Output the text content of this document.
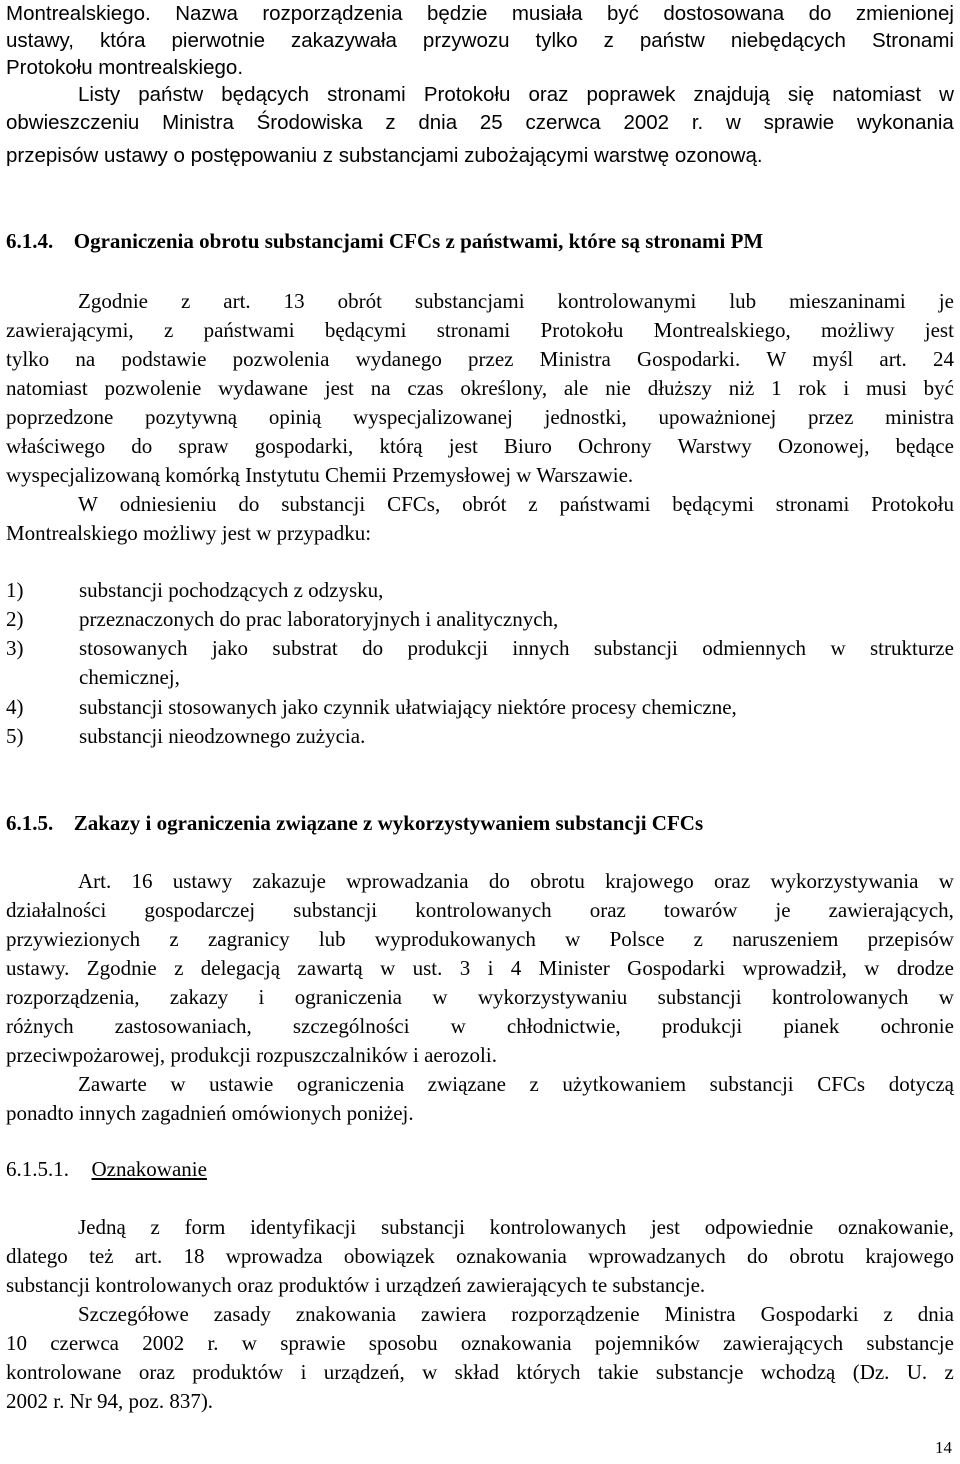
Montrealskiego. Nazwa rozporządzenia będzie musiała być dostosowana do zmienionej
ustawy, która pierwotnie zakazywała przywozu tylko z państw niebędących Stronami
Protokołu montrealskiego.
Listy państw będących stronami Protokołu oraz poprawek znajdują się natomiast w
obwieszczeniu Ministra Środowiska z dnia 25 czerwca 2002 r. w sprawie wykonania
przepisów ustawy o postępowaniu z substancjami zubożającymi warstwę ozonową.
6.1.4. Ograniczenia obrotu substancjami CFCs z państwami, które są stronami PM
Zgodnie z art. 13 obrót substancjami kontrolowanymi lub mieszaninami je
zawierającymi, z państwami będącymi stronami Protokołu Montrealskiego, możliwy jest
tylko na podstawie pozwolenia wydanego przez Ministra Gospodarki. W myśl art. 24
natomiast pozwolenie wydawane jest na czas określony, ale nie dłuższy niż 1 rok i musi być
poprzedzone pozytywną opinią wyspecjalizowanej jednostki, upoważnionej przez ministra
właściwego do spraw gospodarki, którą jest Biuro Ochrony Warstwy Ozonowej, będące
wyspecjalizowaną komórką Instytutu Chemii Przemysłowej w Warszawie.
W odniesieniu do substancji CFCs, obrót z państwami będącymi stronami Protokołu
Montrealskiego możliwy jest w przypadku:
1)	substancji pochodzących z odzysku,
2)	przeznaczonych do prac laboratoryjnych i analitycznych,
3)	stosowanych jako substrat do produkcji innych substancji odmiennych w strukturze
chemicznej,
4)	substancji stosowanych jako czynnik ułatwiający niektóre procesy chemiczne,
5)	substancji nieodzownego zużycia.
6.1.5. Zakazy i ograniczenia związane z wykorzystywaniem substancji CFCs
Art. 16 ustawy zakazuje wprowadzania do obrotu krajowego oraz wykorzystywania w
działalności gospodarczej substancji kontrolowanych oraz towarów je zawierających,
przywiezionych z zagranicy lub wyprodukowanych w Polsce z naruszeniem przepisów
ustawy. Zgodnie z delegacją zawartą w ust. 3 i 4 Minister Gospodarki wprowadził, w drodze
rozporządzenia, zakazy i ograniczenia w wykorzystywaniu substancji kontrolowanych w
różnych zastosowaniach, szczególności w chłodnictwie, produkcji pianek ochronie
przeciwpożarowej, produkcji rozpuszczalników i aerozoli.
Zawarte w ustawie ograniczenia związane z użytkowaniem substancji CFCs dotyczą
ponadto innych zagadnień omówionych poniżej.
6.1.5.1. Oznakowanie
Jedną z form identyfikacji substancji kontrolowanych jest odpowiednie oznakowanie,
dlatego też art. 18 wprowadza obowiązek oznakowania wprowadzanych do obrotu krajowego
substancji kontrolowanych oraz produktów i urządzeń zawierających te substancje.
Szczegółowe zasady znakowania zawiera rozporządzenie Ministra Gospodarki z dnia
10 czerwca 2002 r. w sprawie sposobu oznakowania pojemników zawierających substancje
kontrolowane oraz produktów i urządzeń, w skład których takie substancje wchodzą (Dz. U. z
2002 r. Nr 94, poz. 837).
14
